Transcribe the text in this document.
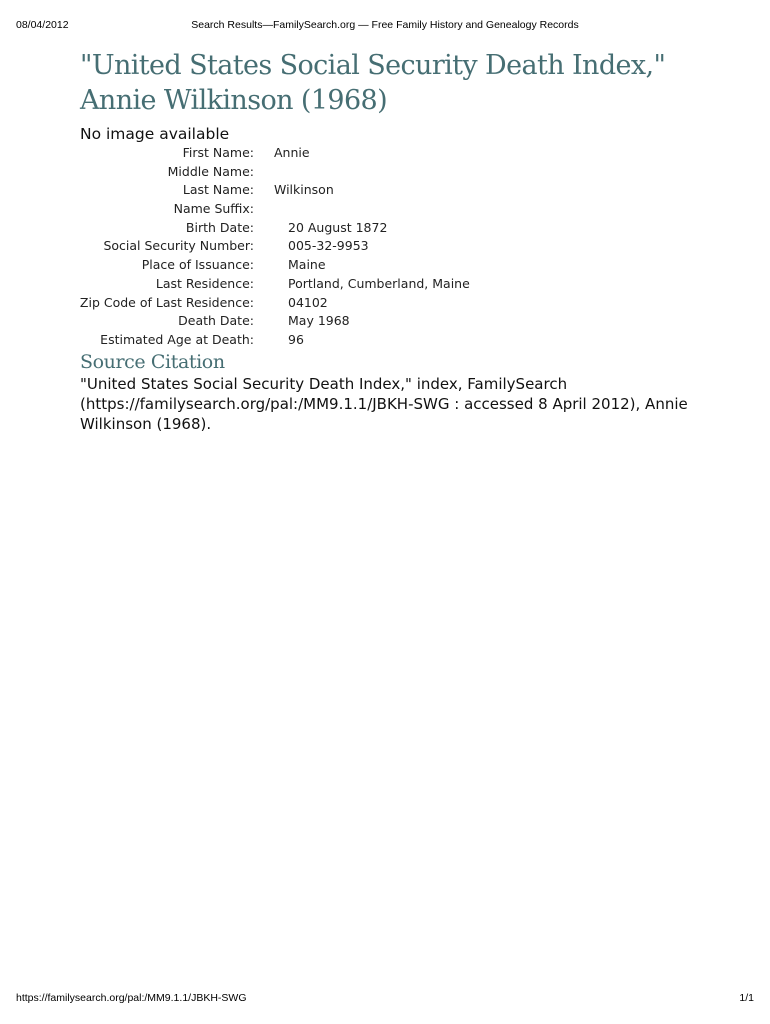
08/04/2012	Search Results—FamilySearch.org — Free Family History and Genealogy Records
"United States Social Security Death Index," Annie Wilkinson (1968)
No image available
First Name: Annie
Middle Name:
Last Name: Wilkinson
Name Suffix:
Birth Date:	20 August 1872
Social Security Number:	005-32-9953
Place of Issuance:	Maine
Last Residence:	Portland, Cumberland, Maine
Zip Code of Last Residence:	04102
Death Date:	May 1968
Estimated Age at Death:	96
Source Citation
"United States Social Security Death Index," index, FamilySearch (https://familysearch.org/pal:/MM9.1.1/JBKH-SWG : accessed 8 April 2012), Annie Wilkinson (1968).
https://familysearch.org/pal:/MM9.1.1/JBKH-SWG	1/1
